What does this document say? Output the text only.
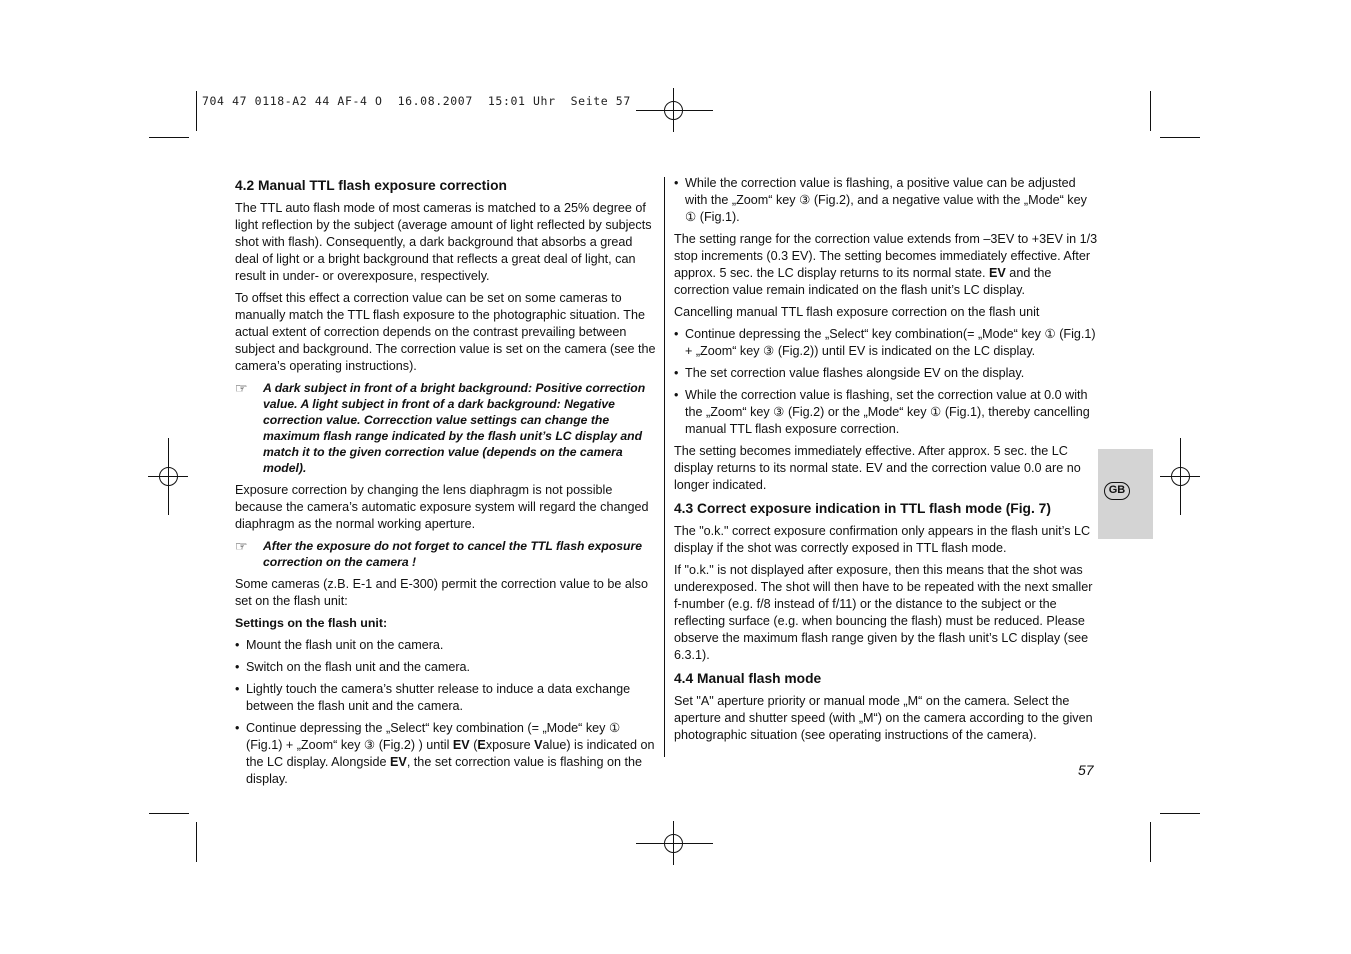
704 47 0118-A2 44 AF-4 O  16.08.2007  15:01 Uhr  Seite 57
4.2 Manual TTL flash exposure correction

The TTL auto flash mode of most cameras is matched to a 25% degree of light reflection by the subject (average amount of light reflected by subjects shot with flash). Consequently, a dark background that absorbs a gread deal of light or a bright background that reflects a great deal of light, can result in under- or overexposure, respectively.

To offset this effect a correction value can be set on some cameras to manually match the TTL flash exposure to the photographic situation. The actual extent of correction depends on the contrast prevailing between subject and background. The correction value is set on the camera (see the camera’s operating instructions).

☞	A dark subject in front of a bright background: Positive correction value. A light subject in front of a dark background: Negative correction value. Correcction value settings can change the maximum flash range indicated by the flash unit’s LC display and match it to the given correction value (depends on the camera model).

Exposure correction by changing the lens diaphragm is not possible because the camera’s automatic exposure system will regard the changed diaphragm as the normal working aperture.

☞	After the exposure do not forget to cancel the TTL flash exposure correction on the camera !

Some cameras (z.B. E-1 and E-300) permit the correction value to be also set on the flash unit:

Settings on the flash unit:
• Mount the flash unit on the camera.
• Switch on the flash unit and the camera.
• Lightly touch the camera’s shutter release to induce a data exchange between the flash unit and the camera.
• Continue depressing the „Select“ key combination (= „Mode“ key ① (Fig.1) + „Zoom“ key ③ (Fig.2) ) until EV (Exposure Value) is indicated on the LC display. Alongside EV, the set correction value is flashing on the display.
• While the correction value is flashing, a positive value can be adjusted with the „Zoom“ key ③ (Fig.2), and a negative value with the „Mode“ key ① (Fig.1).

The setting range for the correction value extends from –3EV to +3EV in 1/3 stop increments (0.3 EV). The setting becomes immediately effective. After approx. 5 sec. the LC display returns to its normal state. EV and the correction value remain indicated on the flash unit’s LC display.

Cancelling manual TTL flash exposure correction on the flash unit

• Continue depressing the „Select“ key combination(= „Mode“ key ① (Fig.1) + „Zoom“ key ③ (Fig.2)) until EV is indicated on the LC display.
• The set correction value flashes alongside EV on the display.
• While the correction value is flashing, set the correction value at 0.0 with the „Zoom“ key ③ (Fig.2) or the „Mode“ key ① (Fig.1), thereby cancelling manual TTL flash exposure correction.

The setting becomes immediately effective. After approx. 5 sec. the LC display returns to its normal state. EV and the correction value 0.0 are no longer indicated.

4.3 Correct exposure indication in TTL flash mode (Fig. 7)

The "o.k." correct exposure confirmation only appears in the flash unit’s LC display if the shot was correctly exposed in TTL flash mode.

If "o.k." is not displayed after exposure, then this means that the shot was underexposed. The shot will then have to be repeated with the next smaller f-number (e.g. f/8 instead of f/11) or the distance to the subject or the reflecting surface (e.g. when bouncing the flash) must be reduced. Please observe the maximum flash range given by the flash unit’s LC display (see 6.3.1).

4.4 Manual flash mode

Set "A" aperture priority or manual mode „M“ on the camera. Select the aperture and shutter speed (with „M“) on the camera according to the given photographic situation (see operating instructions of the camera).

GB
57
